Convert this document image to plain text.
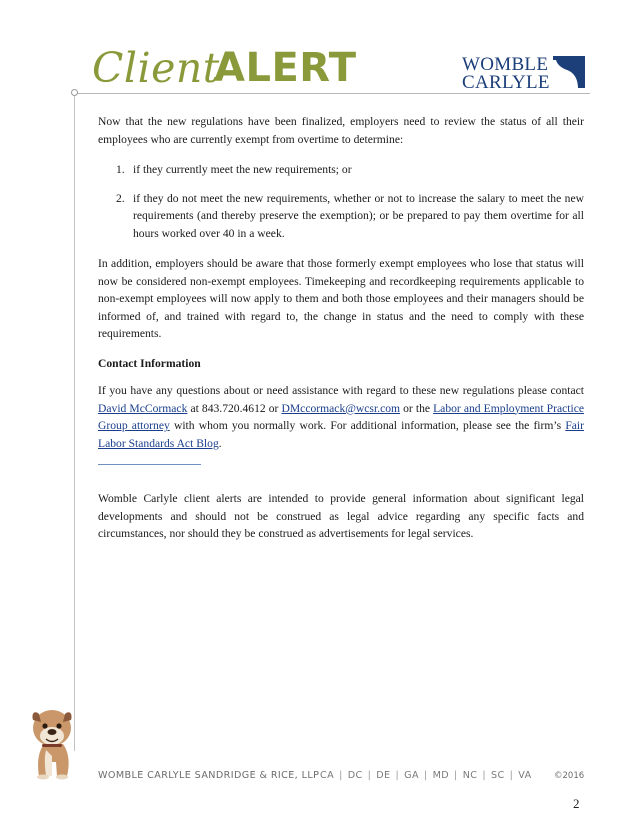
Client
ALERT	WOMBLE
CARLYLE

Now that the new regulations have been finalized, employers need to review the status of all their employees who are currently exempt from overtime to determine:

1. if they currently meet the new requirements; or
2. if they do not meet the new requirements, whether or not to increase the salary to meet the new requirements (and thereby preserve the exemption); or be prepared to pay them overtime for all hours worked over 40 in a week.

In addition, employers should be aware that those formerly exempt employees who lose that status will now be considered non-exempt employees. Timekeeping and recordkeeping requirements applicable to non-exempt employees will now apply to them and both those employees and their managers should be informed of, and trained with regard to, the change in status and the need to comply with these requirements.

Contact Information

If you have any questions about or need assistance with regard to these new regulations please contact David McCormack at 843.720.4612 or DMccormack@wcsr.com or the Labor and Employment Practice Group attorney with whom you normally work. For additional information, please see the firm’s Fair Labor Standards Act Blog.

Womble Carlyle client alerts are intended to provide general information about significant legal developments and should not be construed as legal advice regarding any specific facts and circumstances, nor should they be construed as advertisements for legal services.

WOMBLE CARLYLE SANDRIDGE & RICE, LLP CA | DC | DE | GA | MD | NC | SC | VA	©2016
2
